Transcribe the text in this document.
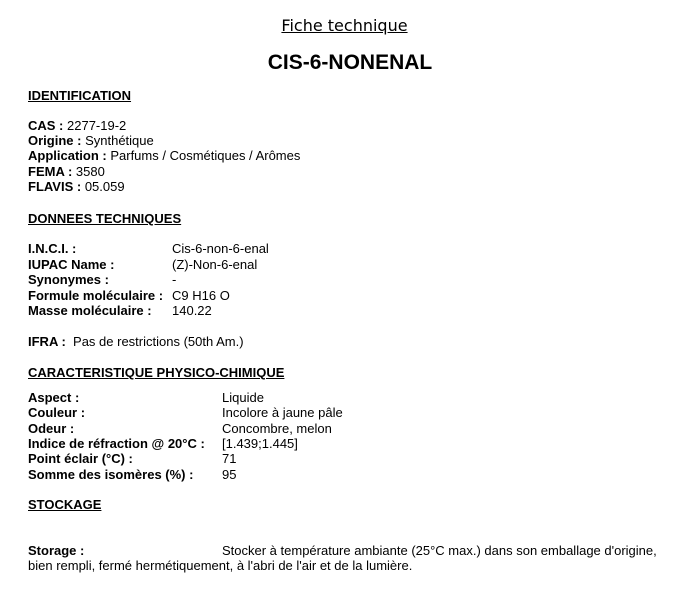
Fiche technique
CIS-6-NONENAL
IDENTIFICATION
CAS : 2277-19-2
Origine : Synthétique
Application : Parfums / Cosmétiques / Arômes
FEMA : 3580
FLAVIS : 05.059
DONNEES TECHNIQUES
I.N.C.I. :	Cis-6-non-6-enal
IUPAC Name :	(Z)-Non-6-enal
Synonymes :	-
Formule moléculaire : C9 H16 O
Masse moléculaire : 140.22
IFRA : Pas de restrictions (50th Am.)
CARACTERISTIQUE PHYSICO-CHIMIQUE
Aspect :	Liquide
Couleur :	Incolore à jaune pâle
Odeur :	Concombre, melon
Indice de réfraction @ 20°C : [1.439;1.445]
Point éclair (°C) :	71
Somme des isomères (%) : 95
STOCKAGE
Storage :	Stocker à température ambiante (25°C max.) dans son emballage d'origine,
bien rempli, fermé hermétiquement, à l'abri de l'air et de la lumière.
